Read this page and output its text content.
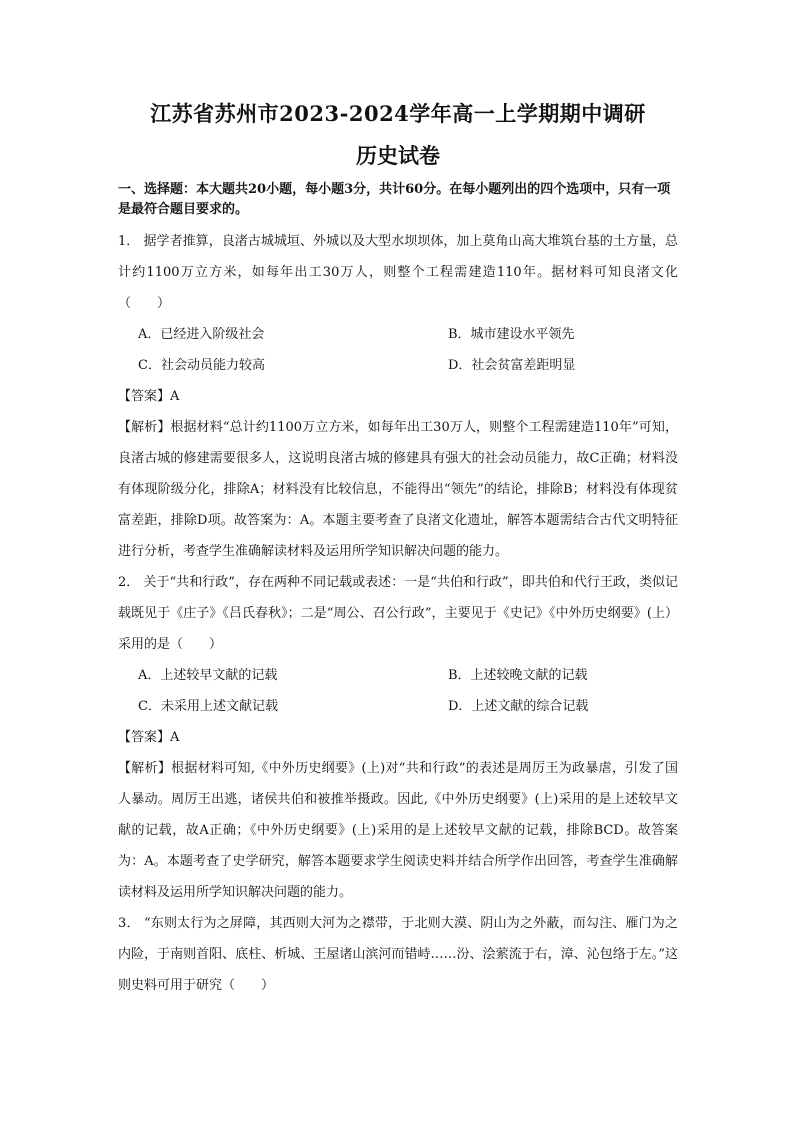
江苏省苏州市2023-2024学年高一上学期期中调研
历史试卷

一、选择题：本大题共20小题，每小题3分，共计60分。在每小题列出的四个选项中，只有一项是最符合题目要求的。

1． 据学者推算，良渚古城城垣、外城以及大型水坝坝体，加上莫角山高大堆筑台基的土方量，总计约1100万立方米，如每年出工30万人，则整个工程需建造110年。据材料可知良渚文化（　　）

A．已经进入阶级社会	B．城市建设水平领先
C．社会动员能力较高	D．社会贫富差距明显

【答案】A

【解析】根据材料“总计约1100万立方米，如每年出工30万人，则整个工程需建造110年”可知，良渚古城的修建需要很多人，这说明良渚古城的修建具有强大的社会动员能力，故C正确；材料没有体现阶级分化，排除A；材料没有比较信息，不能得出“领先”的结论，排除B；材料没有体现贫富差距，排除D项。故答案为：A。本题主要考查了良渚文化遗址，解答本题需结合古代文明特征进行分析，考查学生准确解读材料及运用所学知识解决问题的能力。

2． 关于“共和行政”，存在两种不同记载或表述：一是“共伯和行政”，即共伯和代行王政，类似记载既见于《庄子》《吕氏春秋》；二是“周公、召公行政”，主要见于《史记》《中外历史纲要》(上）采用的是（　　）

A．上述较早文献的记载	B．上述较晚文献的记载
C．未采用上述文献记载	D．上述文献的综合记载

【答案】A

【解析】根据材料可知,《中外历史纲要》(上)对“共和行政”的表述是周厉王为政暴虐，引发了国人暴动。周厉王出逃，诸侯共伯和被推举摄政。因此,《中外历史纲要》(上)采用的是上述较早文献的记载，故A正确；《中外历史纲要》(上)采用的是上述较早文献的记载，排除BCD。故答案为：A。本题考查了史学研究，解答本题要求学生阅读史料并结合所学作出回答，考查学生准确解读材料及运用所学知识解决问题的能力。

3． “东则太行为之屏障，其西则大河为之襟带，于北则大漠、阴山为之外蔽，而勾注、雁门为之内险，于南则首阳、底柱、析城、王屋诸山滨河而错峙……汾、浍萦流于右，漳、沁包络于左。”这则史料可用于研究（　　）
